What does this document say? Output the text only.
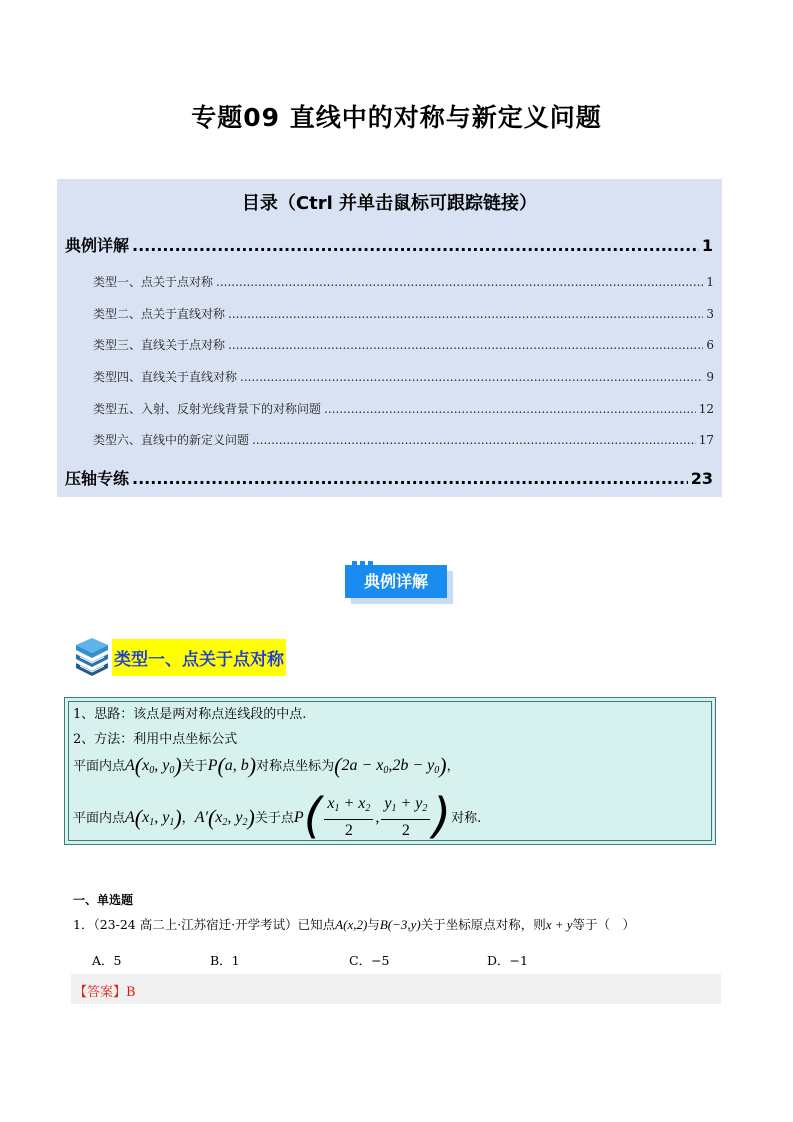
专题09 直线中的对称与新定义问题
目录（Ctrl 并单击鼠标可跟踪链接）
典例详解 .....	1
类型一、点关于点对称 .....	1
类型二、点关于直线对称 .....	3
类型三、直线关于点对称 .....	6
类型四、直线关于直线对称 .....	9
类型五、入射、反射光线背景下的对称问题 .....	12
类型六、直线中的新定义问题 .....	17
压轴专练 .....	23
典例详解
类型一、点关于点对称
1、思路：该点是两对称点连线段的中点.
2、方法：利用中点坐标公式
平面内点$A(x_0$, $y_0$)关于P(a, b)对称点坐标为$(2a - x_0,2b - y_0)$，
平面内点$A(x_1$, $y_1$)，$A'(x_2$, $y_2$)关于点$P( \frac{x_1 + x_2}{2}$ , $\frac{y_1 + y_2}{2}$ )对称.
一、单选题
1．（23-24 高二上·江苏宿迁·开学考试）已知点A(x,2)与B(−3,y)关于坐标原点对称，则x + y等于（　）
A．5	B．1	C．−5	D．−1
【答案】B
